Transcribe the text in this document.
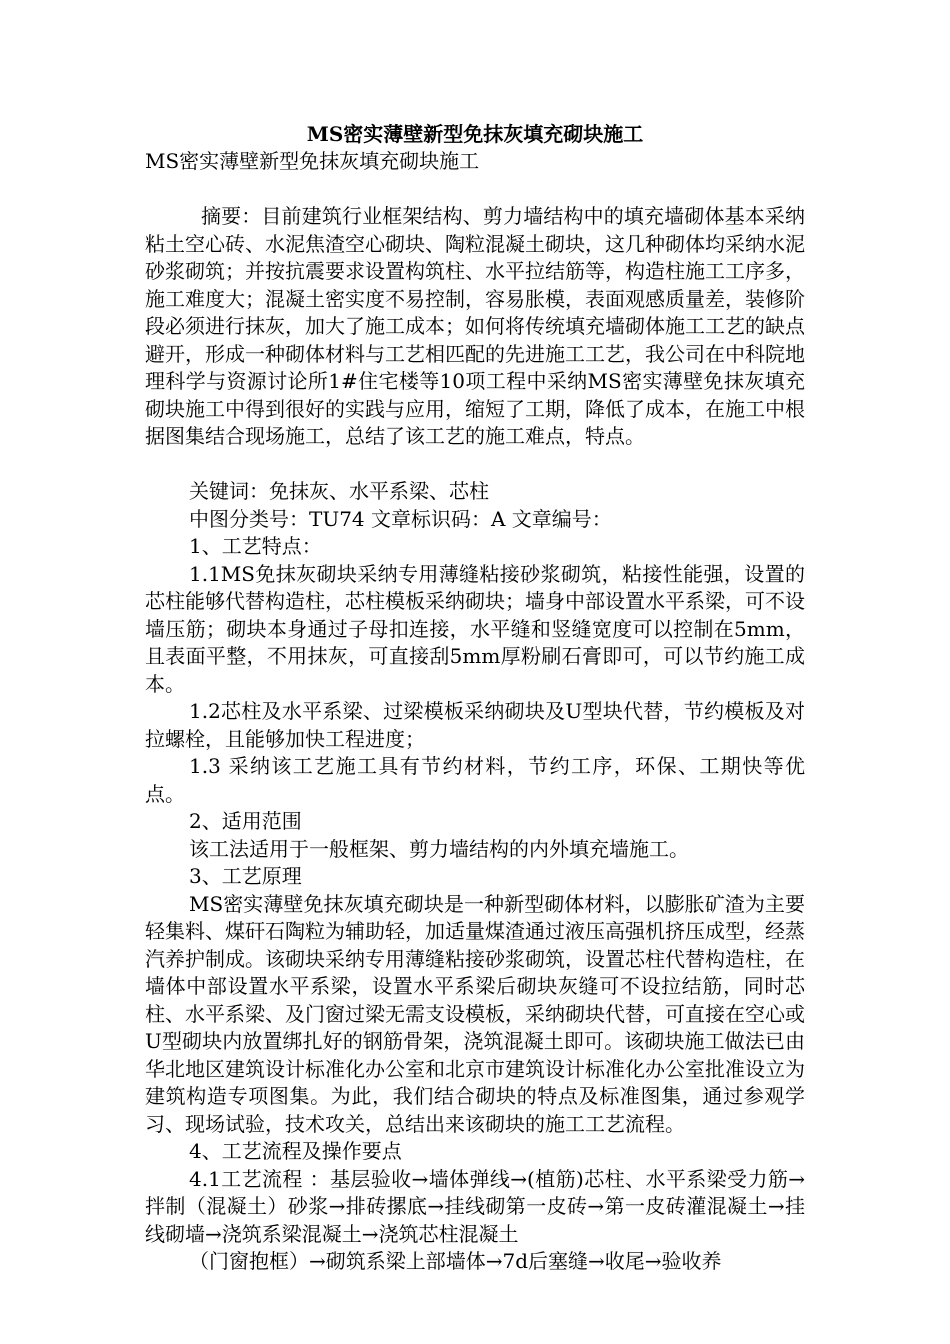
MS密实薄壁新型免抹灰填充砌块施工

MS密实薄壁新型免抹灰填充砌块施工

摘要：目前建筑行业框架结构、剪力墙结构中的填充墙砌体基本采纳粘土空心砖、水泥焦渣空心砌块、陶粒混凝土砌块，这几种砌体均采纳水泥砂浆砌筑；并按抗震要求设置构筑柱、水平拉结筋等，构造柱施工工序多，施工难度大；混凝土密实度不易控制，容易胀模，表面观感质量差，装修阶段必须进行抹灰，加大了施工成本；如何将传统填充墙砌体施工工艺的缺点避开，形成一种砌体材料与工艺相匹配的先进施工工艺，我公司在中科院地理科学与资源讨论所1#住宅楼等10项工程中采纳MS密实薄壁免抹灰填充砌块施工中得到很好的实践与应用，缩短了工期，降低了成本，在施工中根据图集结合现场施工，总结了该工艺的施工难点，特点。

关键词：免抹灰、水平系梁、芯柱

中图分类号：TU74 文章标识码：A 文章编号：

1、工艺特点：

1.1MS免抹灰砌块采纳专用薄缝粘接砂浆砌筑，粘接性能强，设置的芯柱能够代替构造柱，芯柱模板采纳砌块；墙身中部设置水平系梁，可不设墙压筋；砌块本身通过子母扣连接，水平缝和竖缝宽度可以控制在5mm，且表面平整，不用抹灰，可直接刮5mm厚粉刷石膏即可，可以节约施工成本。

1.2芯柱及水平系梁、过梁模板采纳砌块及U型块代替，节约模板及对拉螺栓，且能够加快工程进度；

1.3 采纳该工艺施工具有节约材料，节约工序，环保、工期快等优点。

2、适用范围

该工法适用于一般框架、剪力墙结构的内外填充墙施工。

3、工艺原理

MS密实薄壁免抹灰填充砌块是一种新型砌体材料，以膨胀矿渣为主要轻集料、煤矸石陶粒为辅助轻，加适量煤渣通过液压高强机挤压成型，经蒸汽养护制成。该砌块采纳专用薄缝粘接砂浆砌筑，设置芯柱代替构造柱，在墙体中部设置水平系梁，设置水平系梁后砌块灰缝可不设拉结筋，同时芯柱、水平系梁、及门窗过梁无需支设模板，采纳砌块代替，可直接在空心或U型砌块内放置绑扎好的钢筋骨架，浇筑混凝土即可。该砌块施工做法已由华北地区建筑设计标准化办公室和北京市建筑设计标准化办公室批准设立为建筑构造专项图集。为此，我们结合砌块的特点及标准图集，通过参观学习、现场试验，技术攻关，总结出来该砌块的施工工艺流程。

4、工艺流程及操作要点

4.1工艺流程 ：基层验收→墙体弹线→(植筋)芯柱、水平系梁受力筋→拌制（混凝土）砂浆→排砖摞底→挂线砌第一皮砖→第一皮砖灌混凝土→挂线砌墙→浇筑系梁混凝土→浇筑芯柱混凝土

（门窗抱框）→砌筑系梁上部墙体→7d后塞缝→收尾→验收养
